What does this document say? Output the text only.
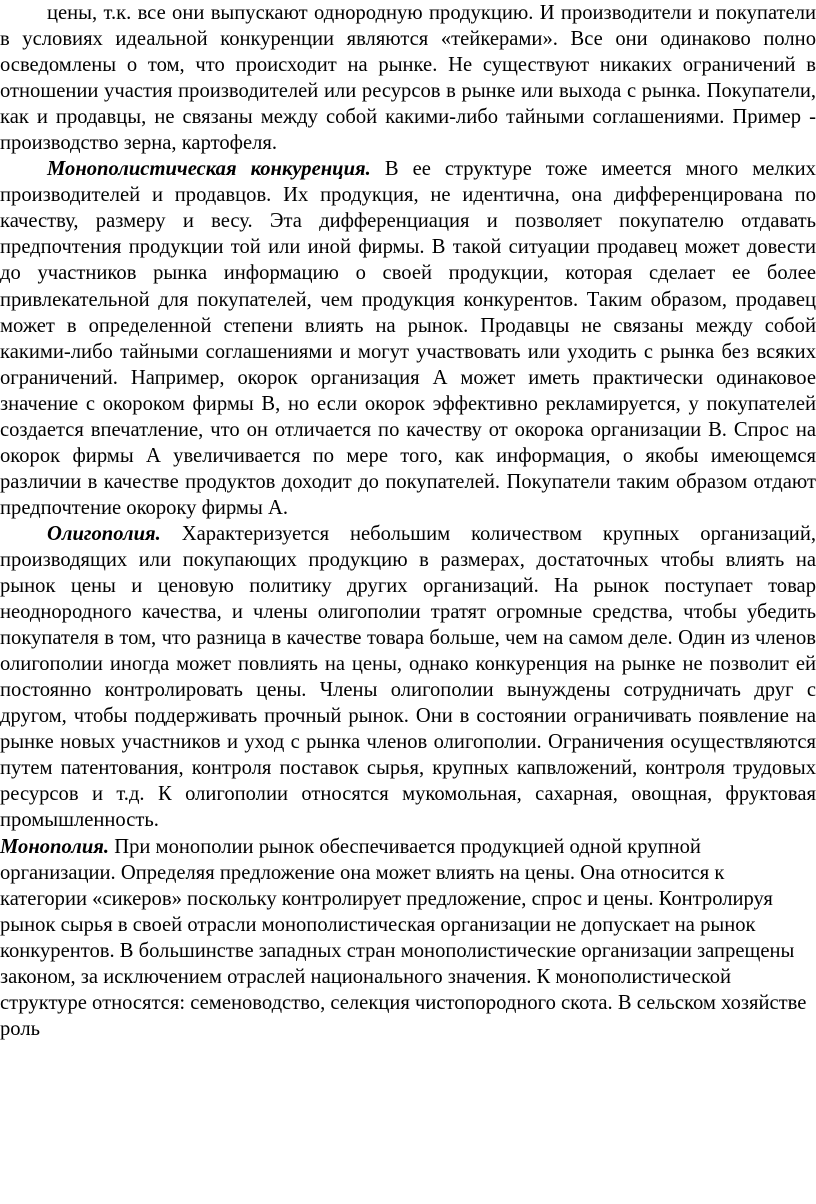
цены, т.к. все они выпускают однородную продукцию. И производители и покупатели в условиях идеальной конкуренции являются «тейкерами». Все они одинаково полно осведомлены о том, что происходит на рынке. Не существуют никаких ограничений в отношении участия производителей или ресурсов в рынке или выхода с рынка. Покупатели, как и продавцы, не связаны между собой какими-либо тайными соглашениями. Пример - производство зерна, картофеля.

Монополистическая конкуренция. В ее структуре тоже имеется много мелких производителей и продавцов. Их продукция, не идентична, она дифференцирована по качеству, размеру и весу. Эта дифференциация и позволяет покупателю отдавать предпочтения продукции той или иной фирмы. В такой ситуации продавец может довести до участников рынка информацию о своей продукции, которая сделает ее более привлекательной для покупателей, чем продукция конкурентов. Таким образом, продавец может в определенной степени влиять на рынок. Продавцы не связаны между собой какими-либо тайными соглашениями и могут участвовать или уходить с рынка без всяких ограничений. Например, окорок организация А может иметь практически одинаковое значение с окороком фирмы В, но если окорок эффективно рекламируется, у покупателей создается впечатление, что он отличается по качеству от окорока организации В. Спрос на окорок фирмы А увеличивается по мере того, как информация, о якобы имеющемся различии в качестве продуктов доходит до покупателей. Покупатели таким образом отдают предпочтение окороку фирмы А.

Олигополия. Характеризуется небольшим количеством крупных организаций, производящих или покупающих продукцию в размерах, достаточных чтобы влиять на рынок цены и ценовую политику других организаций. На рынок поступает товар неоднородного качества, и члены олигополии тратят огромные средства, чтобы убедить покупателя в том, что разница в качестве товара больше, чем на самом деле. Один из членов олигополии иногда может повлиять на цены, однако конкуренция на рынке не позволит ей постоянно контролировать цены. Члены олигополии вынуждены сотрудничать друг с другом, чтобы поддерживать прочный рынок. Они в состоянии ограничивать появление на рынке новых участников и уход с рынка членов олигополии. Ограничения осуществляются путем патентования, контроля поставок сырья, крупных капвложений, контроля трудовых ресурсов и т.д. К олигополии относятся мукомольная, сахарная, овощная, фруктовая промышленность.

Монополия. При монополии рынок обеспечивается продукцией одной крупной организации. Определяя предложение она может влиять на цены. Она относится к категории «сикеров» поскольку контролирует предложение, спрос и цены. Контролируя рынок сырья в своей отрасли монополистическая организации не допускает на рынок конкурентов. В большинстве западных стран монополистические организации запрещены законом, за исключением отраслей национального значения. К монополистической структуре относятся: семеноводство, селекция чистопородного скота. В сельском хозяйстве роль
